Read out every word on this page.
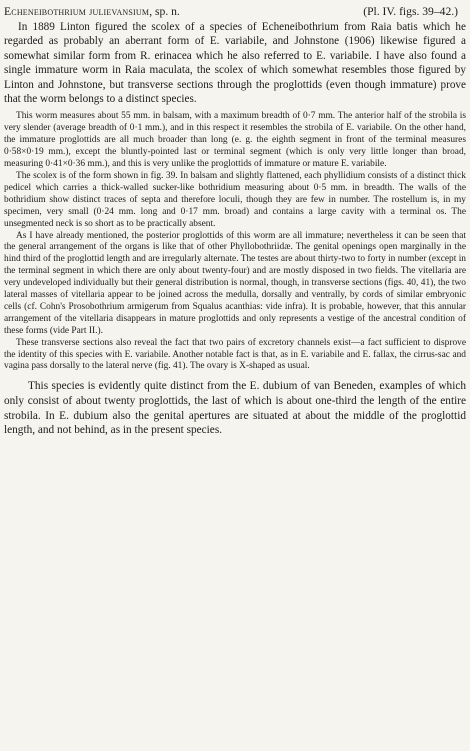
Echeneibothrium julievansium, sp. n.	(Pl. IV. figs. 39–42.)

In 1889 Linton figured the scolex of a species of Echeneibothrium from Raia batis which he regarded as probably an aberrant form of E. variabile, and Johnstone (1906) likewise figured a somewhat similar form from R. erinacea which he also referred to E. variabile. I have also found a single immature worm in Raia maculata, the scolex of which somewhat resembles those figured by Linton and Johnstone, but transverse sections through the proglottids (even though immature) prove that the worm belongs to a distinct species.

This worm measures about 55 mm. in balsam, with a maximum breadth of 0·7 mm. The anterior half of the strobila is very slender (average breadth of 0·1 mm.), and in this respect it resembles the strobila of E. variabile. On the other hand, the immature proglottids are all much broader than long (e. g. the eighth segment in front of the terminal measures 0·58×0·19 mm.), except the bluntly-pointed last or terminal segment (which is only very little longer than broad, measuring 0·41×0·36 mm.), and this is very unlike the proglottids of immature or mature E. variabile.

The scolex is of the form shown in fig. 39. In balsam and slightly flattened, each phyllidium consists of a distinct thick pedicel which carries a thick-walled sucker-like bothridium measuring about 0·5 mm. in breadth. The walls of the bothridium show distinct traces of septa and therefore loculi, though they are few in number. The rostellum is, in my specimen, very small (0·24 mm. long and 0·17 mm. broad) and contains a large cavity with a terminal os. The unsegmented neck is so short as to be practically absent.

As I have already mentioned, the posterior proglottids of this worm are all immature; nevertheless it can be seen that the general arrangement of the organs is like that of other Phyllobothriidæ. The genital openings open marginally in the hind third of the proglottid length and are irregularly alternate. The testes are about thirty-two to forty in number (except in the terminal segment in which there are only about twenty-four) and are mostly disposed in two fields. The vitellaria are very undeveloped individually but their general distribution is normal, though, in transverse sections (figs. 40, 41), the two lateral masses of vitellaria appear to be joined across the medulla, dorsally and ventrally, by cords of similar embryonic cells (cf. Cohn's Prosobothrium armigerum from Squalus acanthias: vide infra). It is probable, however, that this annular arrangement of the vitellaria disappears in mature proglottids and only represents a vestige of the ancestral condition of these forms (vide Part II.).

These transverse sections also reveal the fact that two pairs of excretory channels exist—a fact sufficient to disprove the identity of this species with E. variabile. Another notable fact is that, as in E. variabile and E. fallax, the cirrus-sac and vagina pass dorsally to the lateral nerve (fig. 41). The ovary is X-shaped as usual.

This species is evidently quite distinct from the E. dubium of van Beneden, examples of which only consist of about twenty proglottids, the last of which is about one-third the length of the entire strobila. In E. dubium also the genital apertures are situated at about the middle of the proglottid length, and not behind, as in the present species.
